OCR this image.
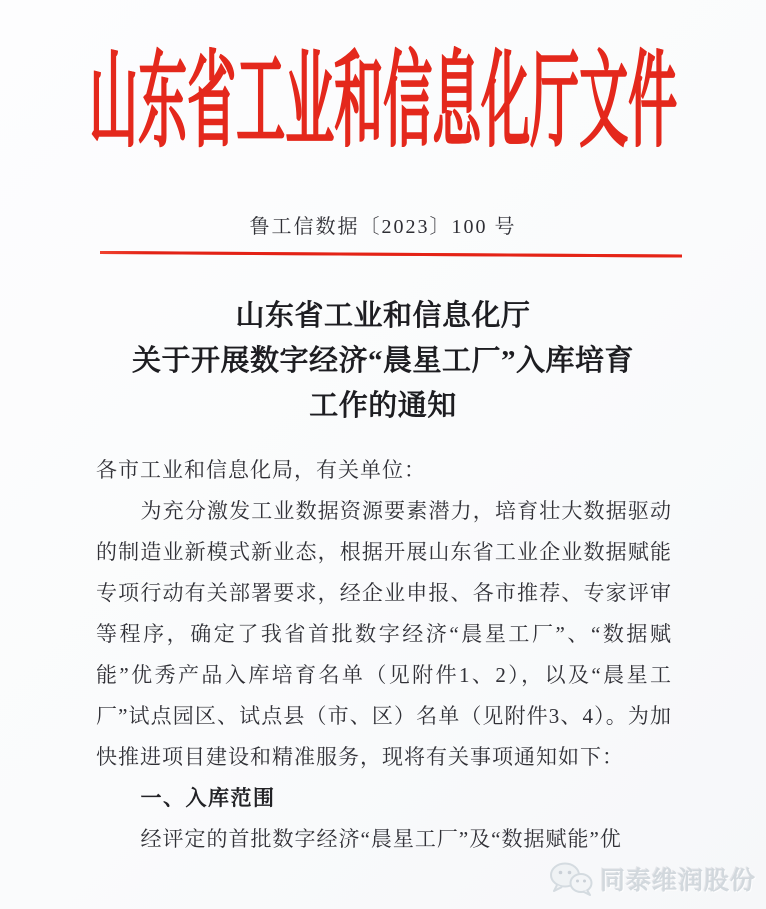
山东省工业和信息化厅文件
鲁工信数据〔2023〕100 号
山东省工业和信息化厅
关于开展数字经济“晨星工厂”入库培育
工作的通知

各市工业和信息化局，有关单位：

为充分激发工业数据资源要素潜力，培育壮大数据驱动的制造业新模式新业态，根据开展山东省工业企业数据赋能专项行动有关部署要求，经企业申报、各市推荐、专家评审等程序，确定了我省首批数字经济“晨星工厂”、“数据赋能”优秀产品入库培育名单（见附件1、2），以及“晨星工厂”试点园区、试点县（市、区）名单（见附件3、4）。为加快推进项目建设和精准服务，现将有关事项通知如下：

一、入库范围

经评定的首批数字经济“晨星工厂”及“数据赋能”优

同泰维润股份
